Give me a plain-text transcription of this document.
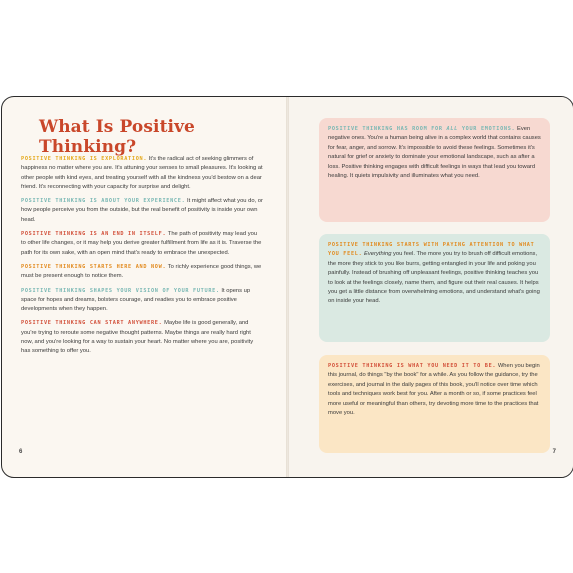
What Is Positive Thinking?

POSITIVE THINKING IS EXPLORATION. It's the radical act of seeking glimmers of happiness no matter where you are. It's attuning your senses to small pleasures. It's looking at other people with kind eyes, and treating yourself with all the kindness you'd bestow on a dear friend. It's reconnecting with your capacity for surprise and delight.

POSITIVE THINKING IS ABOUT YOUR EXPERIENCE. It might affect what you do, or how people perceive you from the outside, but the real benefit of positivity is inside your own head.

POSITIVE THINKING IS AN END IN ITSELF. The path of positivity may lead you to other life changes, or it may help you derive greater fulfillment from life as it is. Traverse the path for its own sake, with an open mind that's ready to embrace the unexpected.

POSITIVE THINKING STARTS HERE AND NOW. To richly experience good things, we must be present enough to notice them.

POSITIVE THINKING SHAPES YOUR VISION OF YOUR FUTURE. It opens up space for hopes and dreams, bolsters courage, and readies you to embrace positive developments when they happen.

POSITIVE THINKING CAN START ANYWHERE. Maybe life is good generally, and you're trying to reroute some negative thought patterns. Maybe things are really hard right now, and you're looking for a way to sustain your heart. No matter where you are, positivity has something to offer you.

6

POSITIVE THINKING HAS ROOM FOR ALL YOUR EMOTIONS. Even negative ones. You're a human being alive in a complex world that contains causes for fear, anger, and sorrow. It's impossible to avoid these feelings. Sometimes it's natural for grief or anxiety to dominate your emotional landscape, such as after a loss. Positive thinking engages with difficult feelings in ways that lead you toward healing. It quiets impulsivity and illuminates what you need.

POSITIVE THINKING STARTS WITH PAYING ATTENTION TO WHAT YOU FEEL. Everything you feel. The more you try to brush off difficult emotions, the more they stick to you like burrs, getting entangled in your life and poking you painfully. Instead of brushing off unpleasant feelings, positive thinking teaches you to look at the feelings closely, name them, and figure out their real causes. It helps you get a little distance from overwhelming emotions, and understand what's going on inside your head.

POSITIVE THINKING IS WHAT YOU NEED IT TO BE. When you begin this journal, do things "by the book" for a while. As you follow the guidance, try the exercises, and journal in the daily pages of this book, you'll notice over time which tools and techniques work best for you. After a month or so, if some practices feel more useful or meaningful than others, try devoting more time to the practices that move you.

7
